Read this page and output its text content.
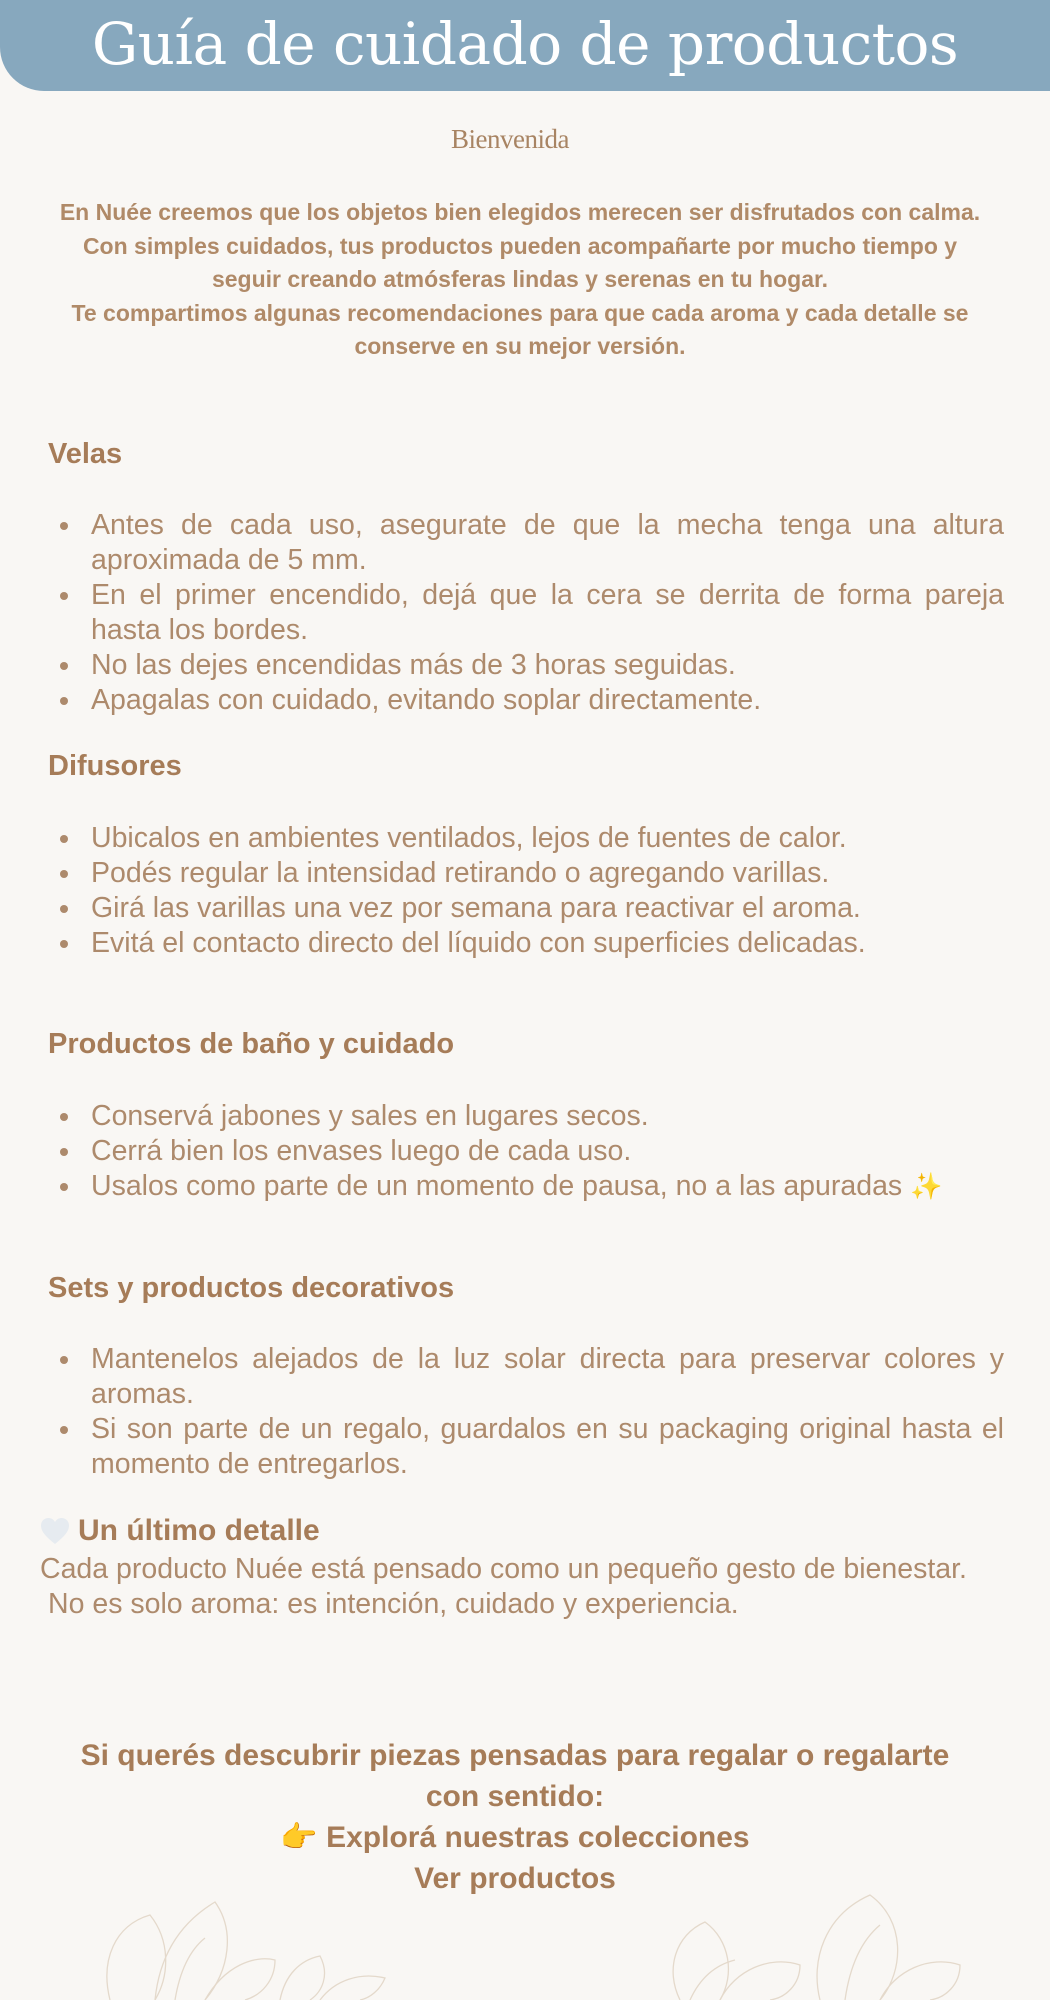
Guía de cuidado de productos
Bienvenida

En Nuée creemos que los objetos bien elegidos merecen ser disfrutados con calma.

Con simples cuidados, tus productos pueden acompañarte por mucho tiempo y seguir creando atmósferas lindas y serenas en tu hogar.

Te compartimos algunas recomendaciones para que cada aroma y cada detalle se conserve en su mejor versión.

Velas
Antes de cada uso, asegurate de que la mecha tenga una altura aproximada de 5 mm.
En el primer encendido, dejá que la cera se derrita de forma pareja hasta los bordes.
No las dejes encendidas más de 3 horas seguidas.
Apagalas con cuidado, evitando soplar directamente.
Difusores
Ubicalos en ambientes ventilados, lejos de fuentes de calor.
Podés regular la intensidad retirando o agregando varillas.
Girá las varillas una vez por semana para reactivar el aroma.
Evitá el contacto directo del líquido con superficies delicadas.
Productos de baño y cuidado
Conservá jabones y sales en lugares secos.
Cerrá bien los envases luego de cada uso.
Usalos como parte de un momento de pausa, no a las apuradas ✨
Sets y productos decorativos
Mantenelos alejados de la luz solar directa para preservar colores y aromas.
Si son parte de un regalo, guardalos en su packaging original hasta el momento de entregarlos.
Un último detalle

Cada producto Nuée está pensado como un pequeño gesto de bienestar.

No es solo aroma: es intención, cuidado y experiencia.

Si querés descubrir piezas pensadas para regalar o regalarte con sentido:

👉 Explorá nuestras colecciones

Ver productos
